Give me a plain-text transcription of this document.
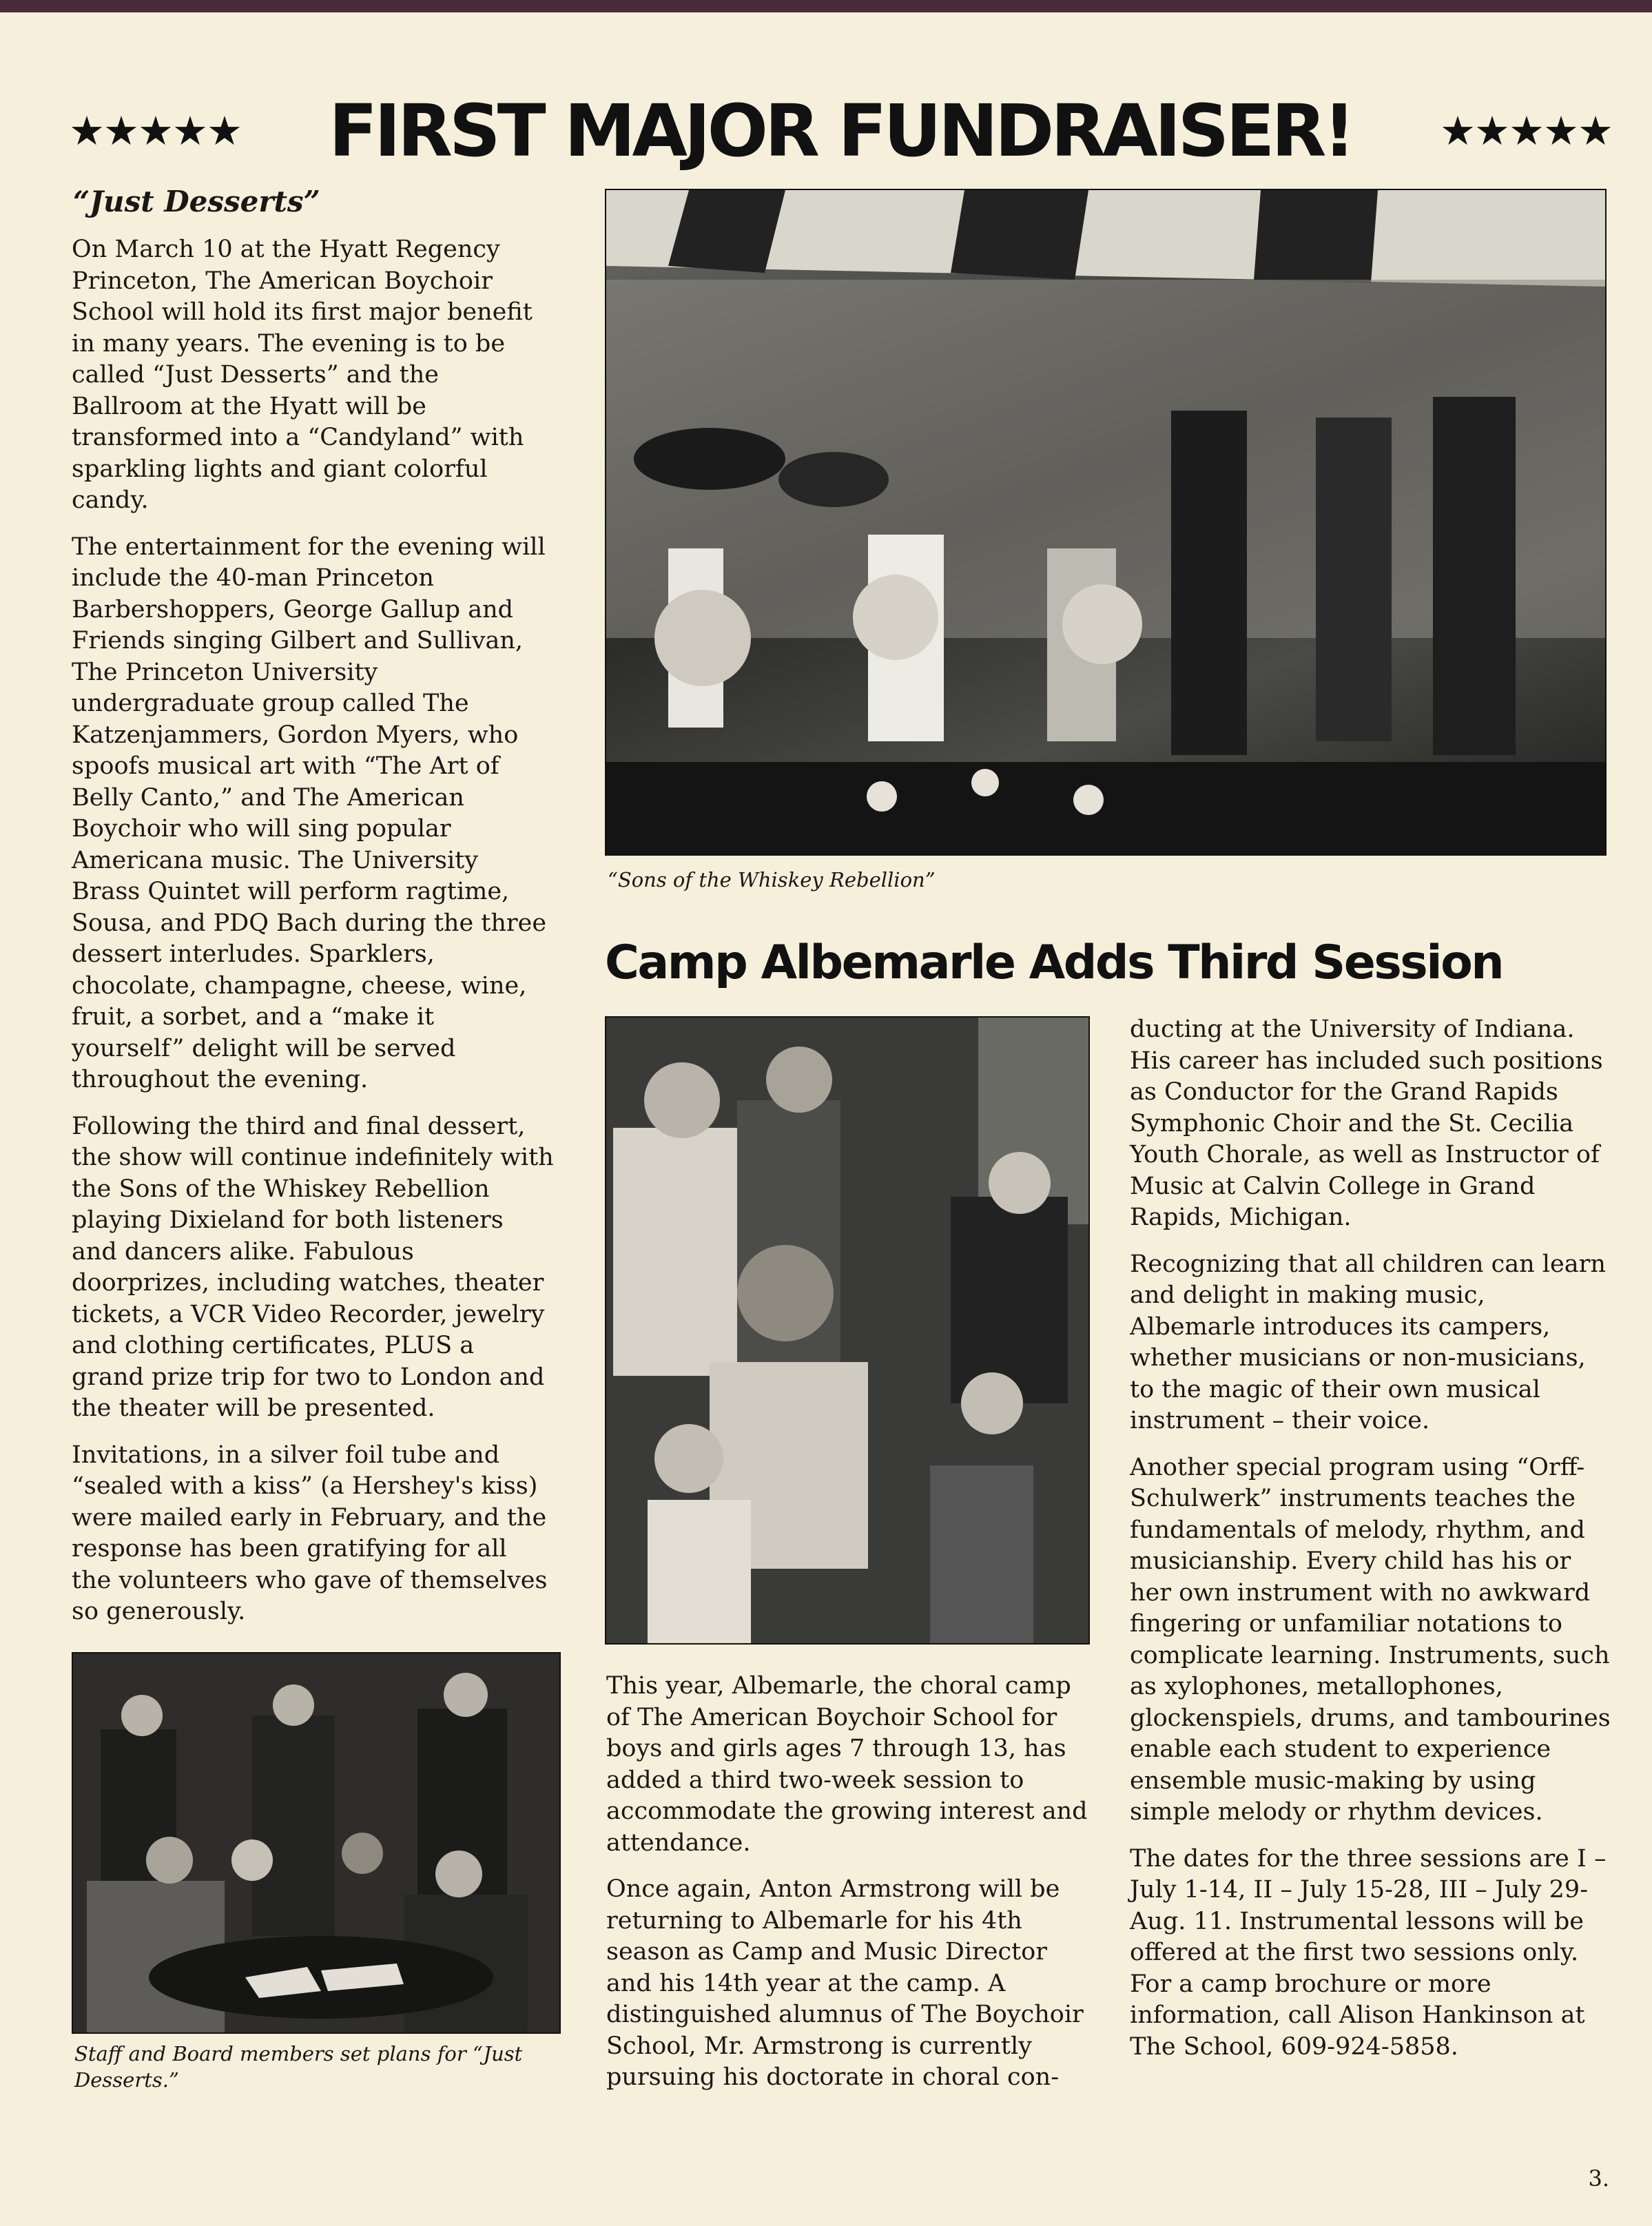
★★★★★ FIRST MAJOR FUNDRAISER! ★★★★★
“Just Desserts”

On March 10 at the Hyatt Regency Princeton, The American Boychoir School will hold its first major benefit in many years. The evening is to be called “Just Desserts” and the Ballroom at the Hyatt will be transformed into a “Candyland” with sparkling lights and giant colorful candy.

The entertainment for the evening will include the 40-man Princeton Barbershoppers, George Gallup and Friends singing Gilbert and Sullivan, The Princeton University undergraduate group called The Katzenjammers, Gordon Myers, who spoofs musical art with “The Art of Belly Canto,” and The American Boychoir who will sing popular Americana music. The University Brass Quintet will perform ragtime, Sousa, and PDQ Bach during the three dessert interludes. Sparklers, chocolate, champagne, cheese, wine, fruit, a sorbet, and a “make it yourself” delight will be served throughout the evening.

Following the third and final dessert, the show will continue indefinitely with the Sons of the Whiskey Rebellion playing Dixieland for both listeners and dancers alike. Fabulous doorprizes, including watches, theater tickets, a VCR Video Recorder, jewelry and clothing certificates, PLUS a grand prize trip for two to London and the theater will be presented.

Invitations, in a silver foil tube and “sealed with a kiss” (a Hershey's kiss) were mailed early in February, and the response has been gratifying for all the volunteers who gave of themselves so generously.

“Sons of the Whiskey Rebellion”
Camp Albemarle Adds Third Session

This year, Albemarle, the choral camp of The American Boychoir School for boys and girls ages 7 through 13, has added a third two-week session to accommodate the growing interest and attendance.

Once again, Anton Armstrong will be returning to Albemarle for his 4th season as Camp and Music Director and his 14th year at the camp. A distinguished alumnus of The Boychoir School, Mr. Armstrong is currently pursuing his doctorate in choral con-

ducting at the University of Indiana. His career has included such positions as Conductor for the Grand Rapids Symphonic Choir and the St. Cecilia Youth Chorale, as well as Instructor of Music at Calvin College in Grand Rapids, Michigan.

Recognizing that all children can learn and delight in making music, Albemarle introduces its campers, whether musicians or non-musicians, to the magic of their own musical instrument – their voice.

Another special program using “Orff-Schulwerk” instruments teaches the fundamentals of melody, rhythm, and musicianship. Every child has his or her own instrument with no awkward fingering or unfamiliar notations to complicate learning. Instruments, such as xylophones, metallophones, glockenspiels, drums, and tambourines enable each student to experience ensemble music-making by using simple melody or rhythm devices.

The dates for the three sessions are I – July 1-14, II – July 15-28, III – July 29-Aug. 11. Instrumental lessons will be offered at the first two sessions only. For a camp brochure or more information, call Alison Hankinson at The School, 609-924-5858.

Staff and Board members set plans for “Just Desserts.”
3.
